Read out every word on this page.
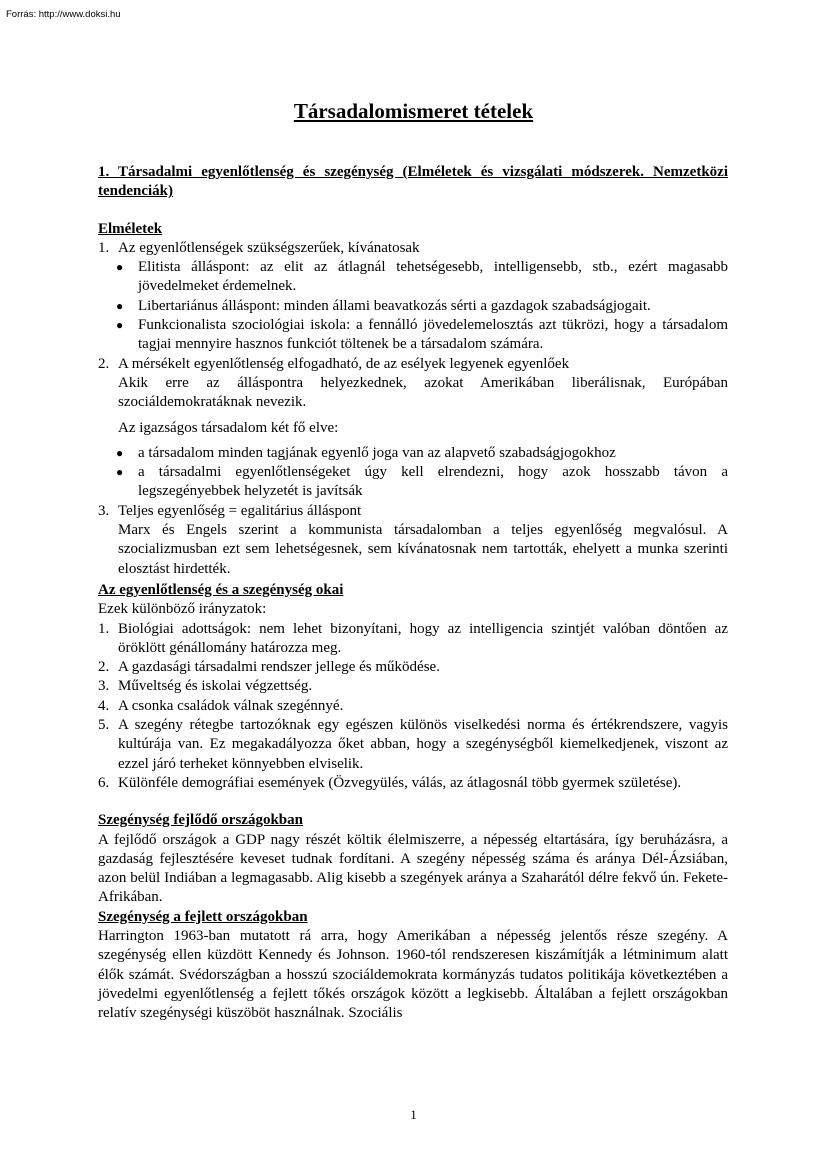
Forrás: http://www.doksi.hu
Társadalomismeret tételek

1. Társadalmi egyenlőtlenség és szegénység (Elméletek és vizsgálati módszerek. Nemzetközi tendenciák)

Elméletek

1. Az egyenlőtlenségek szükségszerűek, kívánatosak
● Elitista álláspont: az elit az átlagnál tehetségesebb, intelligensebb, stb., ezért magasabb jövedelmeket érdemelnek.
● Libertariánus álláspont: minden állami beavatkozás sérti a gazdagok szabadságjogait.
● Funkcionalista szociológiai iskola: a fennálló jövedelemelosztás azt tükrözi, hogy a társadalom tagjai mennyire hasznos funkciót töltenek be a társadalom számára.
2. A mérsékelt egyenlőtlenség elfogadható, de az esélyek legyenek egyenlőek

Akik erre az álláspontra helyezkednek, azokat Amerikában liberálisnak, Európában szociáldemokratáknak nevezik.

Az igazságos társadalom két fő elve:

● a társadalom minden tagjának egyenlő joga van az alapvető szabadságjogokhoz
● a társadalmi egyenlőtlenségeket úgy kell elrendezni, hogy azok hosszabb távon a legszegényebbek helyzetét is javítsák
3. Teljes egyenlőség = egalitárius álláspont

Marx és Engels szerint a kommunista társadalomban a teljes egyenlőség megvalósul. A szocializmusban ezt sem lehetségesnek, sem kívánatosnak nem tartották, ehelyett a munka szerinti elosztást hirdették.

Az egyenlőtlenség és a szegénység okai

Ezek különböző irányzatok:

1. Biológiai adottságok: nem lehet bizonyítani, hogy az intelligencia szintjét valóban döntően az öröklött génállomány határozza meg.
2. A gazdasági társadalmi rendszer jellege és működése.
3. Műveltség és iskolai végzettség.
4. A csonka családok válnak szegénnyé.
5. A szegény rétegbe tartozóknak egy egészen különös viselkedési norma és értékrendszere, vagyis kultúrája van. Ez megakadályozza őket abban, hogy a szegénységből kiemelkedjenek, viszont az ezzel járó terheket könnyebben elviselik.
6. Különféle demográfiai események (Özvegyülés, válás, az átlagosnál több gyermek születése).

Szegénység fejlődő országokban

A fejlődő országok a GDP nagy részét költik élelmiszerre, a népesség eltartására, így beruházásra, a gazdaság fejlesztésére keveset tudnak fordítani. A szegény népesség száma és aránya Dél-Ázsiában, azon belül Indiában a legmagasabb. Alig kisebb a szegények aránya a Szaharától délre fekvő ún. Fekete-Afrikában.

Szegénység a fejlett országokban

Harrington 1963-ban mutatott rá arra, hogy Amerikában a népesség jelentős része szegény. A szegénység ellen küzdött Kennedy és Johnson. 1960-tól rendszeresen kiszámítják a létminimum alatt élők számát. Svédországban a hosszú szociáldemokrata kormányzás tudatos politikája következtében a jövedelmi egyenlőtlenség a fejlett tőkés országok között a legkisebb. Általában a fejlett országokban relatív szegénységi küszöböt használnak. Szociális

1
